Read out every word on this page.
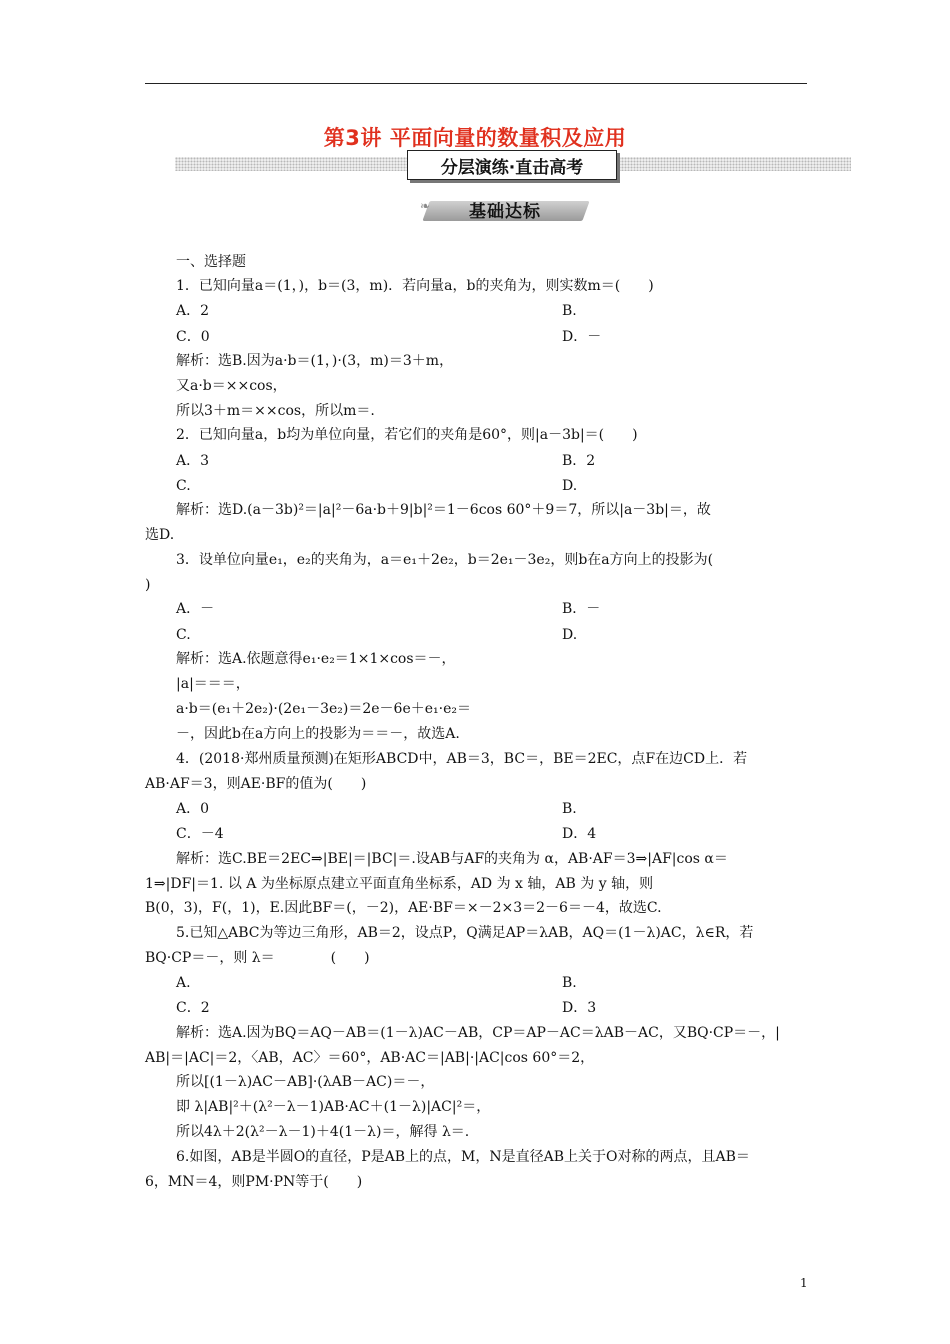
第3讲 平面向量的数量积及应用
分层演练·直击高考
❧	基础达标
一、选择题
1．已知向量a＝(1，)，b＝(3，m)．若向量a，b的夹角为，则实数m＝(　　)
A．2	B.
C．0	D．－
解析：选B.因为a·b＝(1，)·(3，m)＝3＋m，
又a·b＝××cos，
所以3＋m＝××cos，所以m＝.
2．已知向量a，b均为单位向量，若它们的夹角是60°，则|a－3b|＝(　　)
A．3	B．2
C.	D.
解析：选D.(a－3b)²＝|a|²－6a·b＋9|b|²＝1－6cos 60°＋9＝7，所以|a－3b|＝，故
选D.
3．设单位向量e₁，e₂的夹角为，a＝e₁＋2e₂，b＝2e₁－3e₂，则b在a方向上的投影为(
)
A．－	B．－
C.	D.
解析：选A.依题意得e₁·e₂＝1×1×cos＝－，
|a|＝＝＝，
a·b＝(e₁＋2e₂)·(2e₁－3e₂)＝2e－6e＋e₁·e₂＝
－，因此b在a方向上的投影为＝＝－，故选A.
4．(2018·郑州质量预测)在矩形ABCD中，AB＝3，BC＝，BE＝2EC，点F在边CD上．若
AB·AF＝3，则AE·BF的值为(　　)
A．0	B.
C．－4	D．4
解析：选C.BE＝2EC⇒|BE|＝|BC|＝.设AB与AF的夹角为 α，AB·AF＝3⇒|AF|cos α＝
1⇒|DF|＝1. 以 A 为坐标原点建立平面直角坐标系，AD 为 x 轴，AB 为 y 轴，则
B(0，3)，F(，1)，E.因此BF＝(，－2)，AE·BF＝×－2×3＝2－6＝－4，故选C.
5.已知△ABC为等边三角形，AB＝2，设点P，Q满足AP＝λAB，AQ＝(1－λ)AC，λ∈R，若
BQ·CP＝－，则 λ＝　　　　(　　)
A.	B.
C．2	D．3
解析：选A.因为BQ＝AQ－AB＝(1－λ)AC－AB，CP＝AP－AC＝λAB－AC，又BQ·CP＝－，|
AB|＝|AC|＝2，〈AB，AC〉＝60°，AB·AC＝|AB|·|AC|cos 60°＝2，
所以[(1－λ)AC－AB]·(λAB－AC)＝－，
即 λ|AB|²＋(λ²－λ－1)AB·AC＋(1－λ)|AC|²＝，
所以4λ＋2(λ²－λ－1)＋4(1－λ)＝，解得 λ＝.
6.如图，AB是半圆O的直径，P是AB上的点，M，N是直径AB上关于O对称的两点，且AB＝
6，MN＝4，则PM·PN等于(　　)
1
